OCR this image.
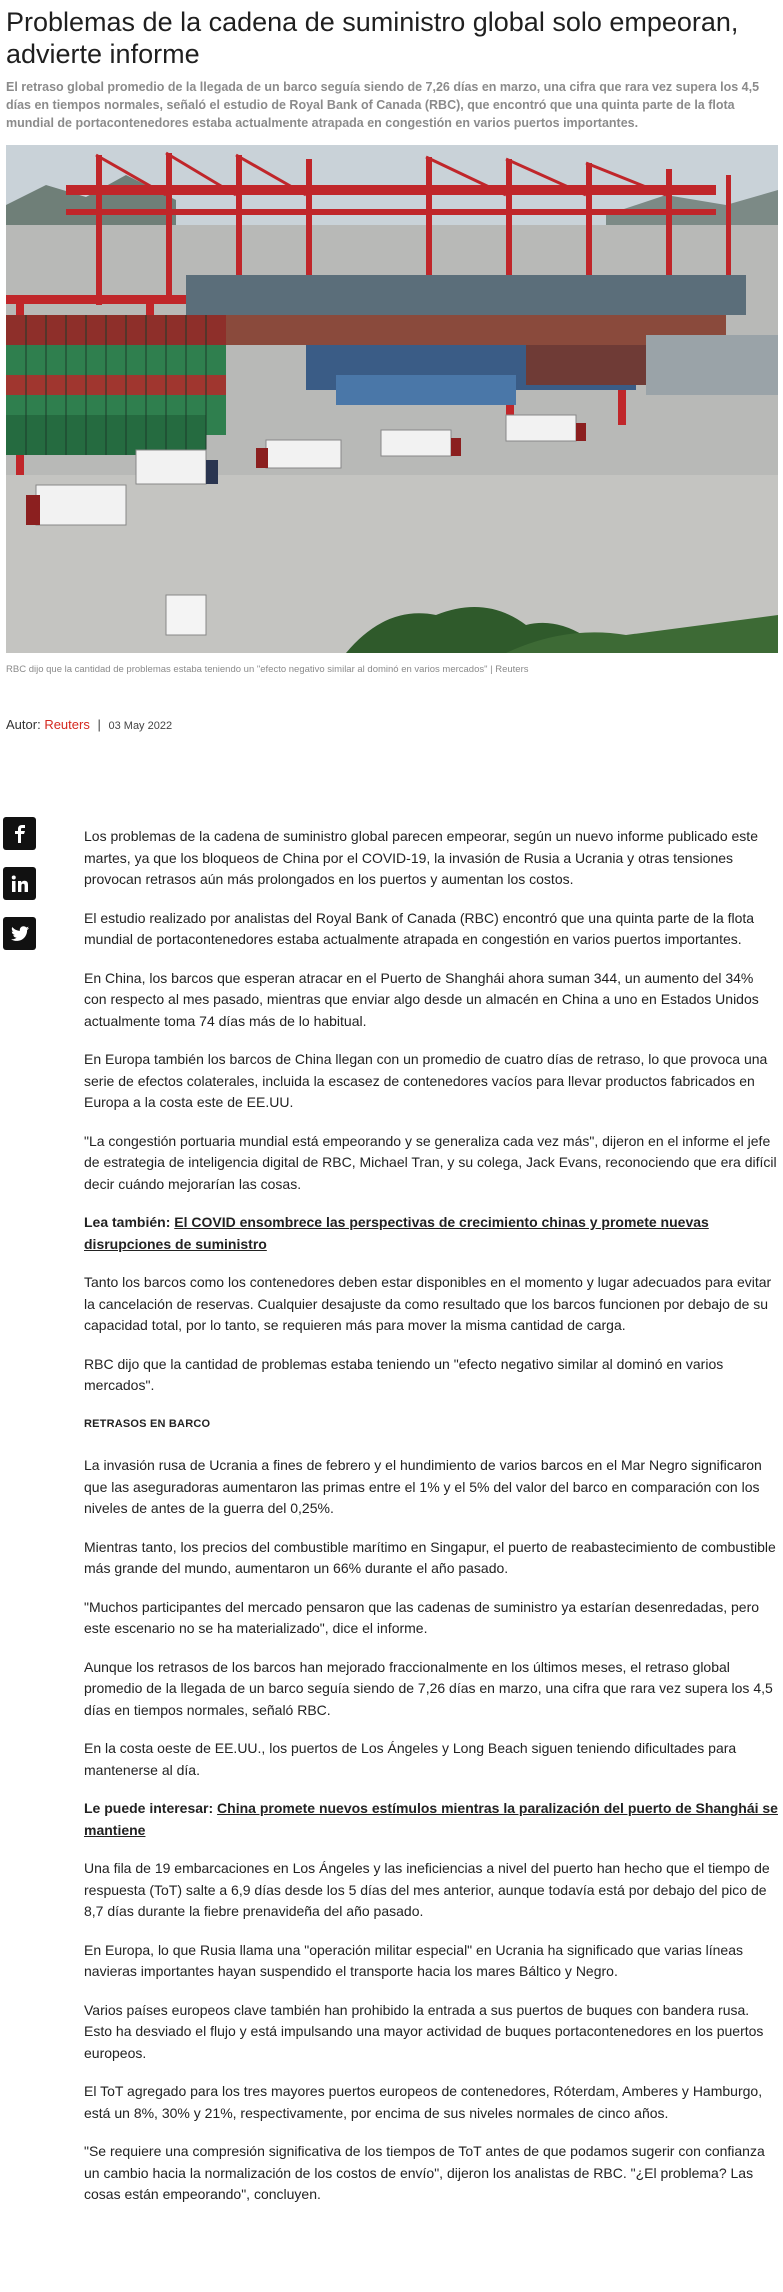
Problemas de la cadena de suministro global solo empeoran, advierte informe

El retraso global promedio de la llegada de un barco seguía siendo de 7,26 días en marzo, una cifra que rara vez supera los 4,5 días en tiempos normales, señaló el estudio de Royal Bank of Canada (RBC), que encontró que una quinta parte de la flota mundial de portacontenedores estaba actualmente atrapada en congestión en varios puertos importantes.

RBC dijo que la cantidad de problemas estaba teniendo un "efecto negativo similar al dominó en varios mercados" | Reuters
Autor: Reuters | 03 May 2022

Los problemas de la cadena de suministro global parecen empeorar, según un nuevo informe publicado este martes, ya que los bloqueos de China por el COVID-19, la invasión de Rusia a Ucrania y otras tensiones provocan retrasos aún más prolongados en los puertos y aumentan los costos.

El estudio realizado por analistas del Royal Bank of Canada (RBC) encontró que una quinta parte de la flota mundial de portacontenedores estaba actualmente atrapada en congestión en varios puertos importantes.

En China, los barcos que esperan atracar en el Puerto de Shanghái ahora suman 344, un aumento del 34% con respecto al mes pasado, mientras que enviar algo desde un almacén en China a uno en Estados Unidos actualmente toma 74 días más de lo habitual.

En Europa también los barcos de China llegan con un promedio de cuatro días de retraso, lo que provoca una serie de efectos colaterales, incluida la escasez de contenedores vacíos para llevar productos fabricados en Europa a la costa este de EE.UU.

"La congestión portuaria mundial está empeorando y se generaliza cada vez más", dijeron en el informe el jefe de estrategia de inteligencia digital de RBC, Michael Tran, y su colega, Jack Evans, reconociendo que era difícil decir cuándo mejorarían las cosas.

Lea también: El COVID ensombrece las perspectivas de crecimiento chinas y promete nuevas disrupciones de suministro

Tanto los barcos como los contenedores deben estar disponibles en el momento y lugar adecuados para evitar la cancelación de reservas. Cualquier desajuste da como resultado que los barcos funcionen por debajo de su capacidad total, por lo tanto, se requieren más para mover la misma cantidad de carga.

RBC dijo que la cantidad de problemas estaba teniendo un "efecto negativo similar al dominó en varios mercados".

RETRASOS EN BARCO

La invasión rusa de Ucrania a fines de febrero y el hundimiento de varios barcos en el Mar Negro significaron que las aseguradoras aumentaron las primas entre el 1% y el 5% del valor del barco en comparación con los niveles de antes de la guerra del 0,25%.

Mientras tanto, los precios del combustible marítimo en Singapur, el puerto de reabastecimiento de combustible más grande del mundo, aumentaron un 66% durante el año pasado.

"Muchos participantes del mercado pensaron que las cadenas de suministro ya estarían desenredadas, pero este escenario no se ha materializado", dice el informe.

Aunque los retrasos de los barcos han mejorado fraccionalmente en los últimos meses, el retraso global promedio de la llegada de un barco seguía siendo de 7,26 días en marzo, una cifra que rara vez supera los 4,5 días en tiempos normales, señaló RBC.

En la costa oeste de EE.UU., los puertos de Los Ángeles y Long Beach siguen teniendo dificultades para mantenerse al día.

Le puede interesar: China promete nuevos estímulos mientras la paralización del puerto de Shanghái se mantiene

Una fila de 19 embarcaciones en Los Ángeles y las ineficiencias a nivel del puerto han hecho que el tiempo de respuesta (ToT) salte a 6,9 días desde los 5 días del mes anterior, aunque todavía está por debajo del pico de 8,7 días durante la fiebre prenavideña del año pasado.

En Europa, lo que Rusia llama una "operación militar especial" en Ucrania ha significado que varias líneas navieras importantes hayan suspendido el transporte hacia los mares Báltico y Negro.

Varios países europeos clave también han prohibido la entrada a sus puertos de buques con bandera rusa. Esto ha desviado el flujo y está impulsando una mayor actividad de buques portacontenedores en los puertos europeos.

El ToT agregado para los tres mayores puertos europeos de contenedores, Róterdam, Amberes y Hamburgo, está un 8%, 30% y 21%, respectivamente, por encima de sus niveles normales de cinco años.

"Se requiere una compresión significativa de los tiempos de ToT antes de que podamos sugerir con confianza un cambio hacia la normalización de los costos de envío", dijeron los analistas de RBC. "¿El problema? Las cosas están empeorando", concluyen.
